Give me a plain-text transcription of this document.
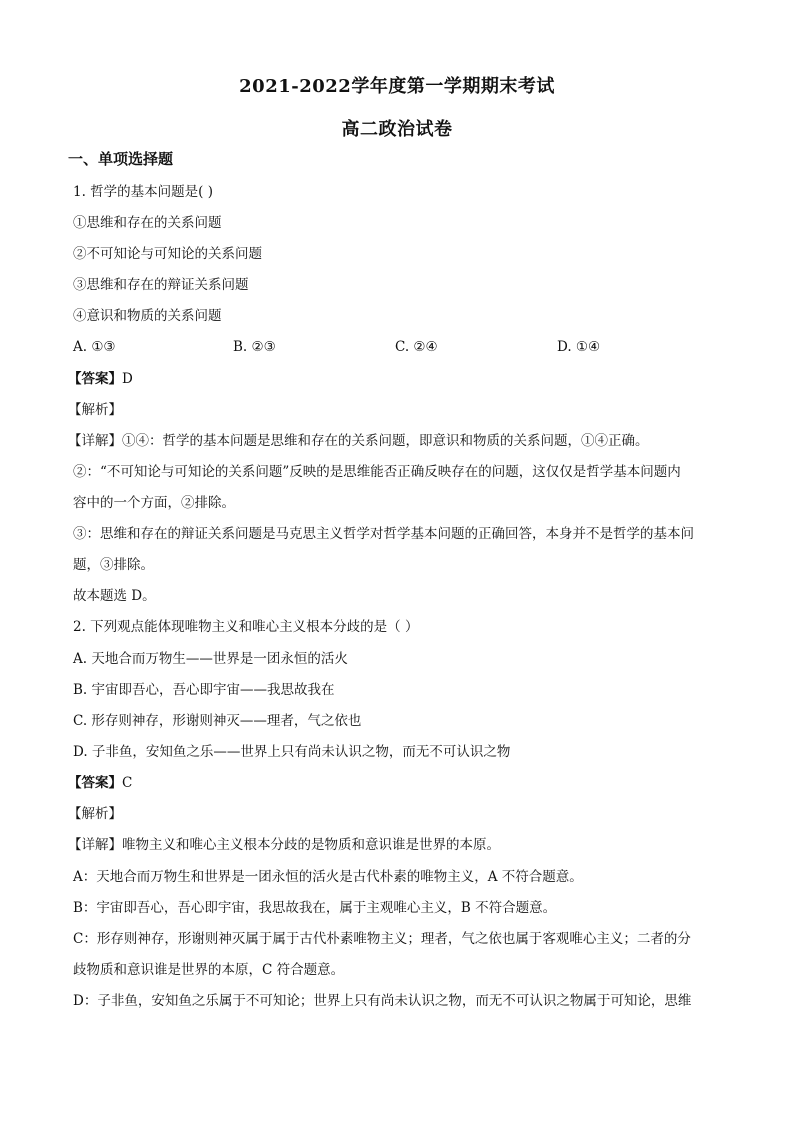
2021-2022学年度第一学期期末考试
高二政治试卷
一、单项选择题
1. 哲学的基本问题是( )
①思维和存在的关系问题
②不可知论与可知论的关系问题
③思维和存在的辩证关系问题
④意识和物质的关系问题
A. ①③	B. ②③	C. ②④	D. ①④
【答案】D
【解析】
【详解】①④：哲学的基本问题是思维和存在的关系问题，即意识和物质的关系问题，①④正确。
②：“不可知论与可知论的关系问题”反映的是思维能否正确反映存在的问题，这仅仅是哲学基本问题内
容中的一个方面，②排除。
③：思维和存在的辩证关系问题是马克思主义哲学对哲学基本问题的正确回答，本身并不是哲学的基本问
题，③排除。
故本题选 D。
2. 下列观点能体现唯物主义和唯心主义根本分歧的是（ ）
A. 天地合而万物生——世界是一团永恒的活火
B. 宇宙即吾心，吾心即宇宙——我思故我在
C. 形存则神存，形谢则神灭——理者，气之依也
D. 子非鱼，安知鱼之乐——世界上只有尚未认识之物，而无不可认识之物
【答案】C
【解析】
【详解】唯物主义和唯心主义根本分歧的是物质和意识谁是世界的本原。
A：天地合而万物生和世界是一团永恒的活火是古代朴素的唯物主义，A 不符合题意。
B：宇宙即吾心，吾心即宇宙，我思故我在，属于主观唯心主义，B 不符合题意。
C：形存则神存，形谢则神灭属于属于古代朴素唯物主义；理者，气之依也属于客观唯心主义；二者的分
歧物质和意识谁是世界的本原，C 符合题意。
D：子非鱼，安知鱼之乐属于不可知论；世界上只有尚未认识之物，而无不可认识之物属于可知论，思维
